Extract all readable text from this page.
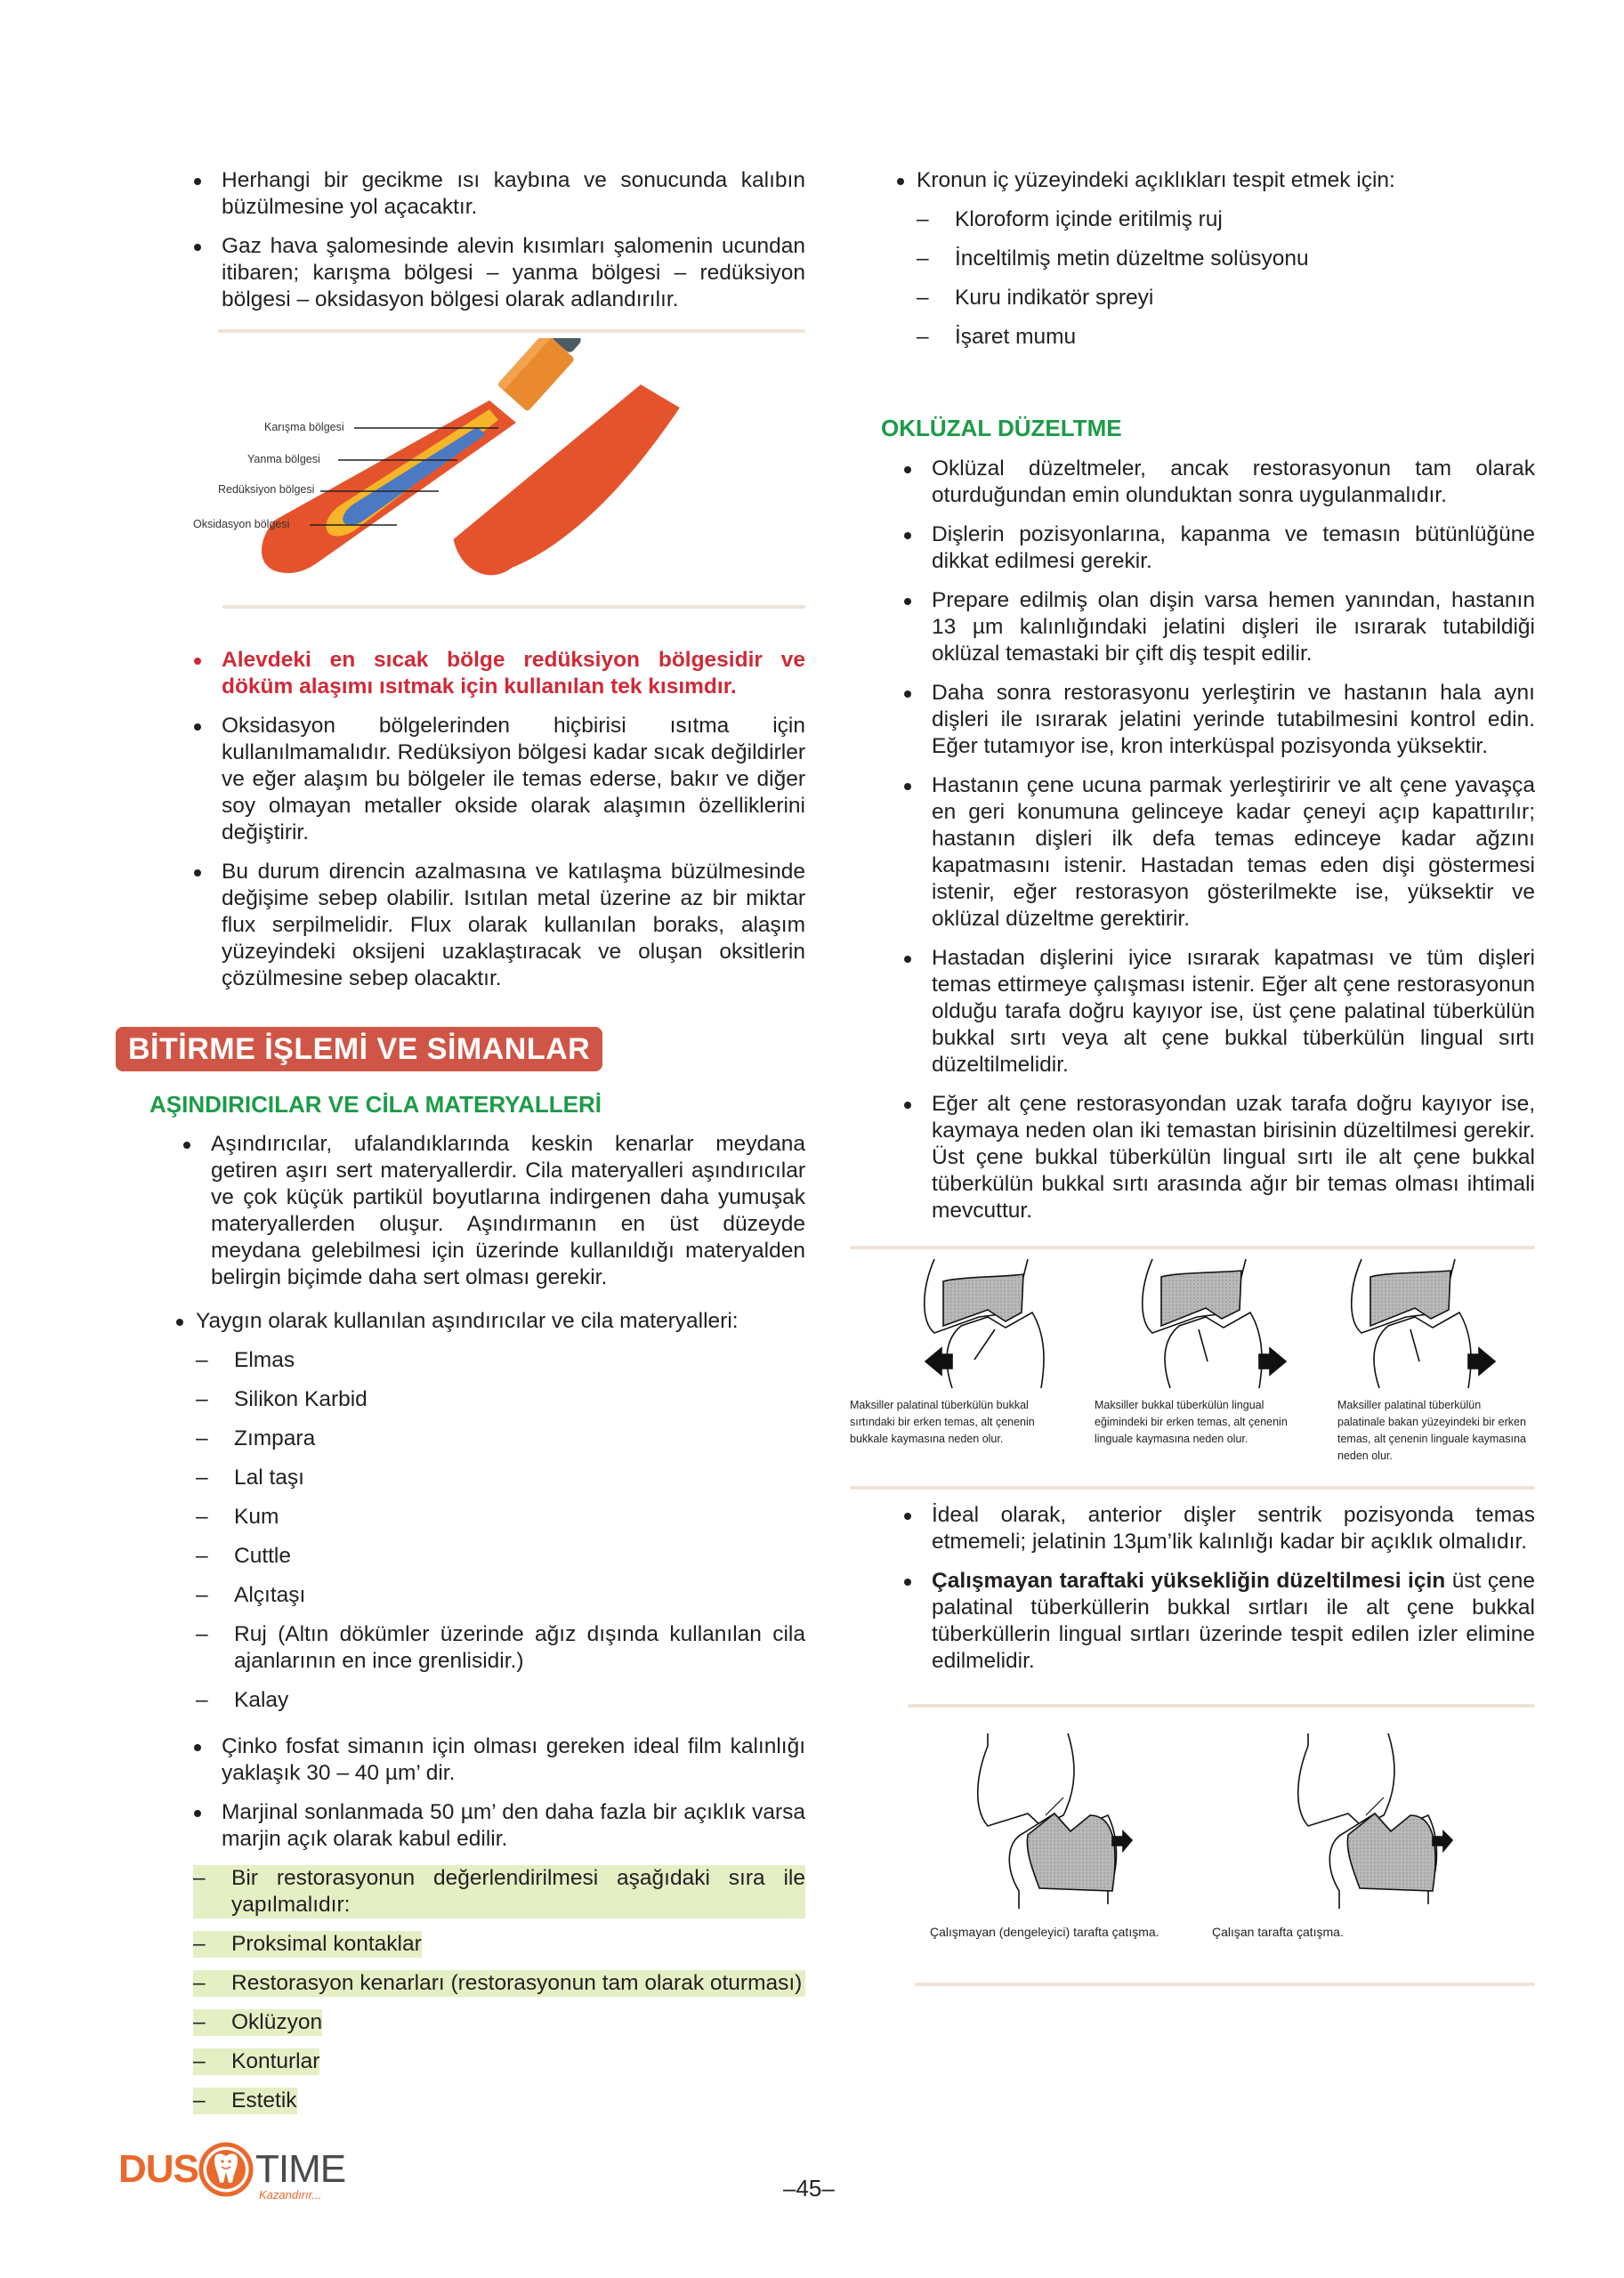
Herhangi bir gecikme ısı kaybına ve sonucunda kalıbın büzülmesine yol açacaktır.
Gaz hava şalomesinde alevin kısımları şalomenin ucundan itibaren; karışma bölgesi – yanma bölgesi – redüksiyon bölgesi – oksidasyon bölgesi olarak adlandırılır.
Karışma bölgesi
Yanma bölgesi
Redüksiyon bölgesi
Oksidasyon bölgesi
Alevdeki en sıcak bölge redüksiyon bölgesidir ve döküm alaşımı ısıtmak için kullanılan tek kısımdır.
Oksidasyon bölgelerinden hiçbirisi ısıtma için kullanılmamalıdır. Redüksiyon bölgesi kadar sıcak değildirler ve eğer alaşım bu bölgeler ile temas ederse, bakır ve diğer soy olmayan metaller okside olarak alaşımın özelliklerini değiştirir.
Bu durum direncin azalmasına ve katılaşma büzülmesinde değişime sebep olabilir. Isıtılan metal üzerine az bir miktar flux serpilmelidir. Flux olarak kullanılan boraks, alaşım yüzeyindeki oksijeni uzaklaştıracak ve oluşan oksitlerin çözülmesine sebep olacaktır.
BİTİRME İŞLEMİ VE SİMANLAR
AŞINDIRICILAR VE CİLA MATERYALLERİ
Aşındırıcılar, ufalandıklarında keskin kenarlar meydana getiren aşırı sert materyallerdir. Cila materyalleri aşındırıcılar ve çok küçük partikül boyutlarına indirgenen daha yumuşak materyallerden oluşur. Aşındırmanın en üst düzeyde meydana gelebilmesi için üzerinde kullanıldığı materyalden belirgin biçimde daha sert olması gerekir.
Yaygın olarak kullanılan aşındırıcılar ve cila materyalleri:
– Elmas
– Silikon Karbid
– Zımpara
– Lal taşı
– Kum
– Cuttle
– Alçıtaşı
– Ruj (Altın dökümler üzerinde ağız dışında kullanılan cila ajanlarının en ince grenlisidir.)
– Kalay
Çinko fosfat simanın için olması gereken ideal film kalınlığı yaklaşık 30 – 40 µm’ dir.
Marjinal sonlanmada 50 µm’ den daha fazla bir açıklık varsa marjin açık olarak kabul edilir.
– Bir restorasyonun değerlendirilmesi aşağıdaki sıra ile yapılmalıdır:
– Proksimal kontaklar
– Restorasyon kenarları (restorasyonun tam olarak oturması)
– Oklüzyon
– Konturlar
– Estetik
Kronun iç yüzeyindeki açıklıkları tespit etmek için:
– Kloroform içinde eritilmiş ruj
– İnceltilmiş metin düzeltme solüsyonu
– Kuru indikatör spreyi
– İşaret mumu
OKLÜZAL DÜZELTME
Oklüzal düzeltmeler, ancak restorasyonun tam olarak oturduğundan emin olunduktan sonra uygulanmalıdır.
Dişlerin pozisyonlarına, kapanma ve temasın bütünlüğüne dikkat edilmesi gerekir.
Prepare edilmiş olan dişin varsa hemen yanından, hastanın 13 µm kalınlığındaki jelatini dişleri ile ısırarak tutabildiği oklüzal temastaki bir çift diş tespit edilir.
Daha sonra restorasyonu yerleştirin ve hastanın hala aynı dişleri ile ısırarak jelatini yerinde tutabilmesini kontrol edin. Eğer tutamıyor ise, kron interküspal pozisyonda yüksektir.
Hastanın çene ucuna parmak yerleştiririr ve alt çene yavaşça en geri konumuna gelinceye kadar çeneyi açıp kapattırılır; hastanın dişleri ilk defa temas edinceye kadar ağzını kapatmasını istenir. Hastadan temas eden dişi göstermesi istenir, eğer restorasyon gösterilmekte ise, yüksektir ve oklüzal düzeltme gerektirir.
Hastadan dişlerini iyice ısırarak kapatması ve tüm dişleri temas ettirmeye çalışması istenir. Eğer alt çene restorasyonun olduğu tarafa doğru kayıyor ise, üst çene palatinal tüberkülün bukkal sırtı veya alt çene bukkal tüberkülün lingual sırtı düzeltilmelidir.
Eğer alt çene restorasyondan uzak tarafa doğru kayıyor ise, kaymaya neden olan iki temastan birisinin düzeltilmesi gerekir. Üst çene bukkal tüberkülün lingual sırtı ile alt çene bukkal tüberkülün bukkal sırtı arasında ağır bir temas olması ihtimali mevcuttur.
Maksiller palatinal tüberkülün bukkal sırtındaki bir erken temas, alt çenenin bukkale kaymasına neden olur.
Maksiller bukkal tüberkülün lingual eğimindeki bir erken temas, alt çenenin linguale kaymasına neden olur.
Maksiller palatinal tüberkülün palatinale bakan yüzeyindeki bir erken temas, alt çenenin linguale kaymasına neden olur.
İdeal olarak, anterior dişler sentrik pozisyonda temas etmemeli; jelatinin 13µm’lik kalınlığı kadar bir açıklık olmalıdır.
Çalışmayan taraftaki yüksekliğin düzeltilmesi için üst çene palatinal tüberküllerin bukkal sırtları ile alt çene bukkal tüberküllerin lingual sırtları üzerinde tespit edilen izler elimine edilmelidir.
Çalışmayan (dengeleyici) tarafta çatışma.	Çalışan tarafta çatışma.
DUS TIME
Kazandırır...	–45–
